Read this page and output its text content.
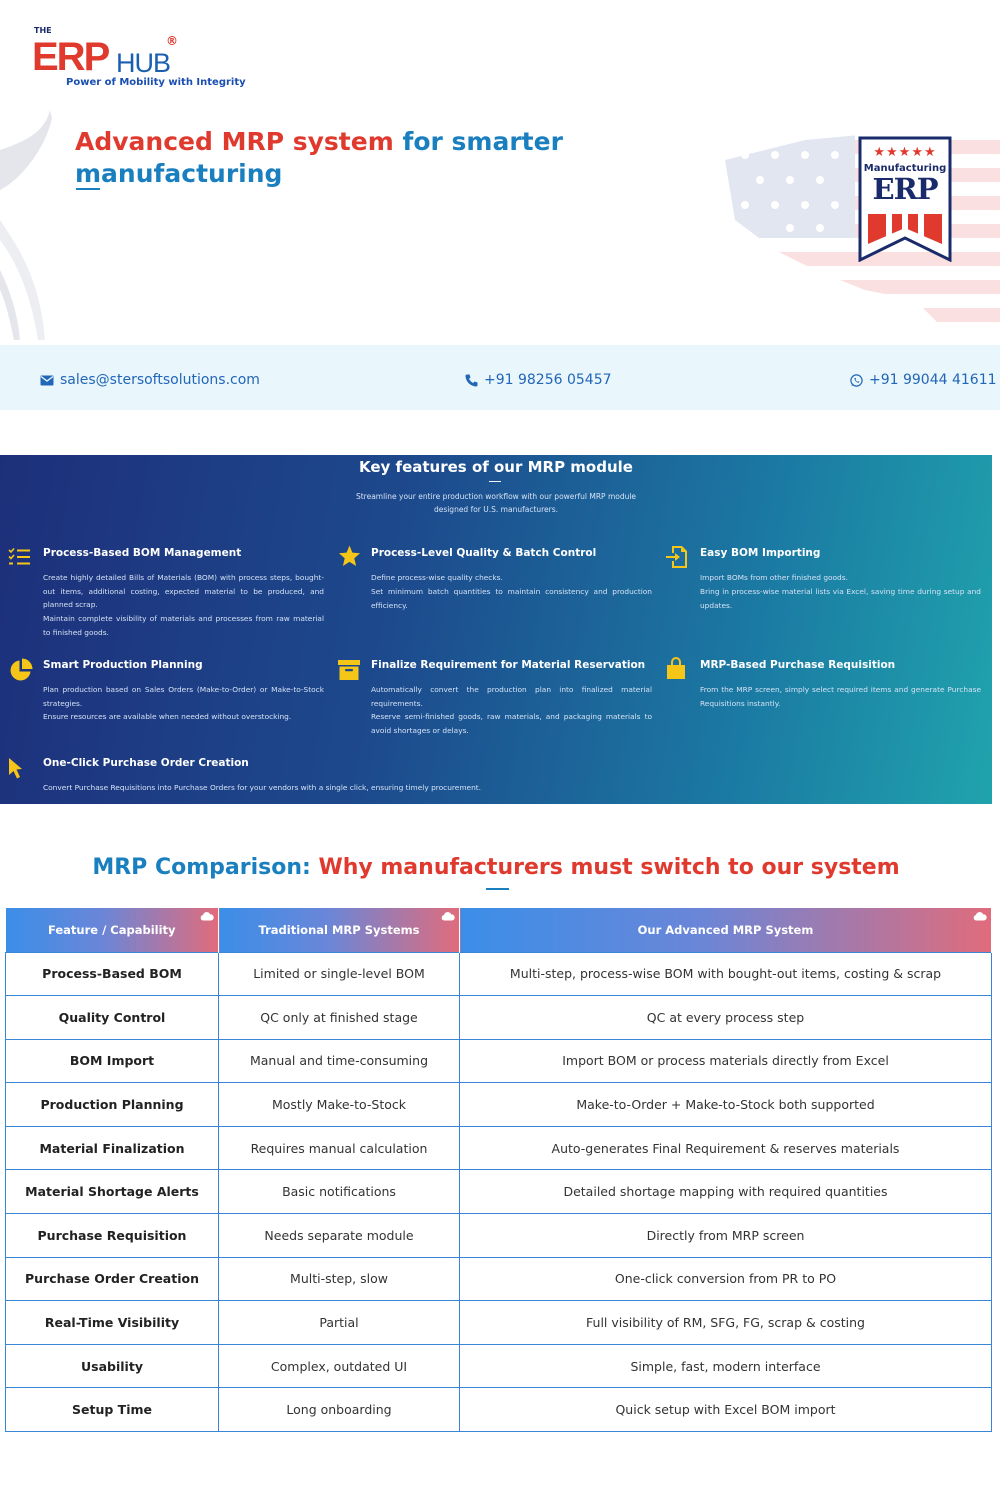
THE
ERP HUB
®
Power of Mobility with Integrity
Advanced MRP system for smarter manufacturing
★★★★★
Manufacturing
ERP
sales@stersoftsolutions.com	+91 98256 05457	+91 99044 41611
Key features of our MRP module

Streamline your entire production workflow with our powerful MRP module designed for U.S. manufacturers.

Process-Based BOM Management

Create highly detailed Bills of Materials (BOM) with process steps, bought-out items, additional costing, expected material to be produced, and planned scrap.

Maintain complete visibility of materials and processes from raw material to finished goods.

Process-Level Quality & Batch Control

Define process-wise quality checks.

Set minimum batch quantities to maintain consistency and production efficiency.

Easy BOM Importing

Import BOMs from other finished goods.

Bring in process-wise material lists via Excel, saving time during setup and updates.

Smart Production Planning

Plan production based on Sales Orders (Make-to-Order) or Make-to-Stock strategies.

Ensure resources are available when needed without overstocking.

Finalize Requirement for Material Reservation

Automatically convert the production plan into finalized material requirements.

Reserve semi-finished goods, raw materials, and packaging materials to avoid shortages or delays.

MRP-Based Purchase Requisition

From the MRP screen, simply select required items and generate Purchase Requisitions instantly.

One-Click Purchase Order Creation

Convert Purchase Requisitions into Purchase Orders for your vendors with a single click, ensuring timely procurement.

MRP Comparison: Why manufacturers must switch to our system
Feature / Capability	Traditional MRP Systems	Our Advanced MRP System

Process-Based BOM	Limited or single-level BOM	Multi-step, process-wise BOM with bought-out items, costing & scrap
Quality Control	QC only at finished stage	QC at every process step
BOM Import	Manual and time-consuming	Import BOM or process materials directly from Excel
Production Planning	Mostly Make-to-Stock	Make-to-Order + Make-to-Stock both supported
Material Finalization	Requires manual calculation	Auto-generates Final Requirement & reserves materials
Material Shortage Alerts	Basic notifications	Detailed shortage mapping with required quantities
Purchase Requisition	Needs separate module	Directly from MRP screen
Purchase Order Creation	Multi-step, slow	One-click conversion from PR to PO
Real-Time Visibility	Partial	Full visibility of RM, SFG, FG, scrap & costing
Usability	Complex, outdated UI	Simple, fast, modern interface
Setup Time	Long onboarding	Quick setup with Excel BOM import
